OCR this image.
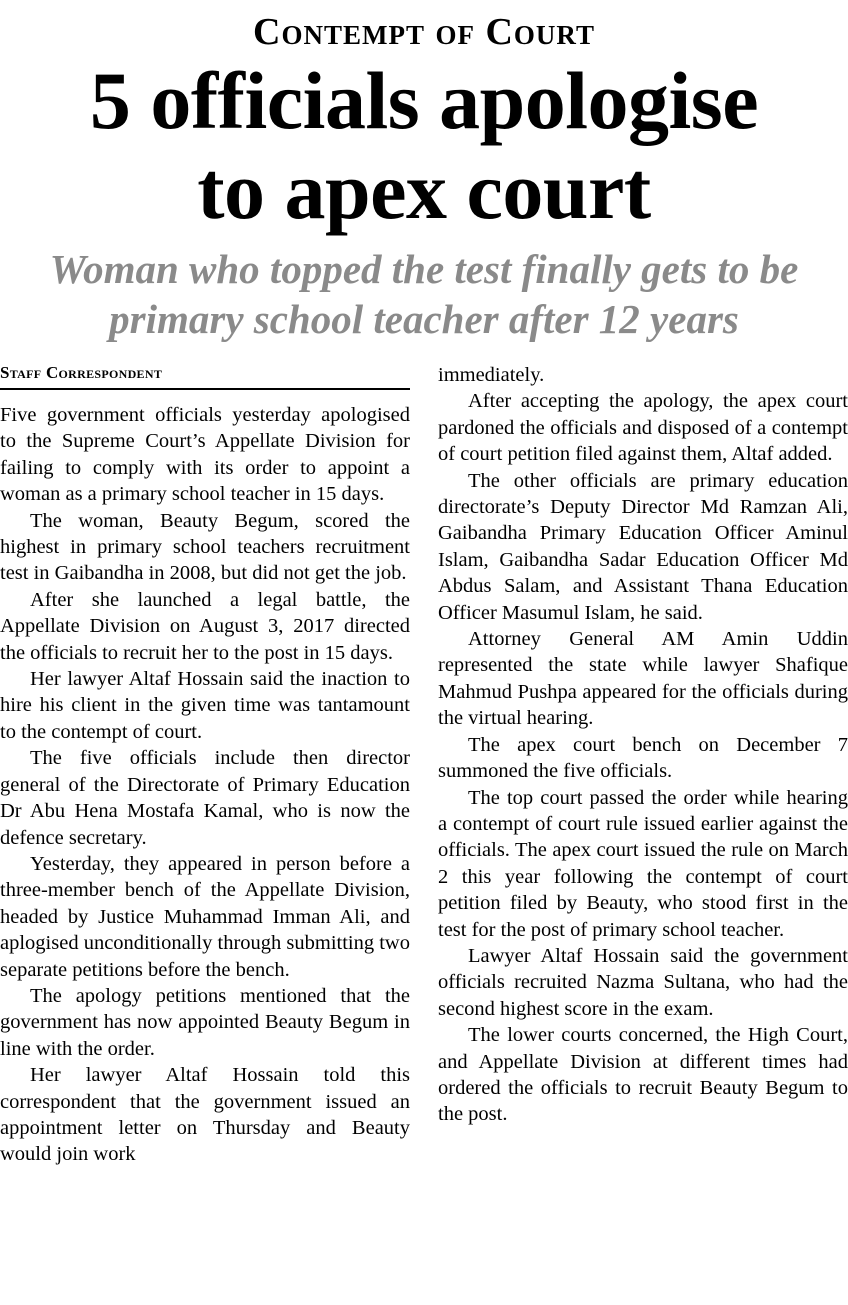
Contempt of Court
5 officials apologise
to apex court
Woman who topped the test finally gets to be
primary school teacher after 12 years
Staff Correspondent

Five government officials yesterday apologised to the Supreme Court’s Appellate Division for failing to comply with its order to appoint a woman as a primary school teacher in 15 days.

The woman, Beauty Begum, scored the highest in primary school teachers recruitment test in Gaibandha in 2008, but did not get the job.

After she launched a legal battle, the Appellate Division on August 3, 2017 directed the officials to recruit her to the post in 15 days.

Her lawyer Altaf Hossain said the inaction to hire his client in the given time was tantamount to the contempt of court.

The five officials include then director general of the Directorate of Primary Education Dr Abu Hena Mostafa Kamal, who is now the defence secretary.

Yesterday, they appeared in person before a three-member bench of the Appellate Division, headed by Justice Muhammad Imman Ali, and aplogised unconditionally through submitting two separate petitions before the bench.

The apology petitions mentioned that the government has now appointed Beauty Begum in line with the order.

Her lawyer Altaf Hossain told this correspondent that the government issued an appointment letter on Thursday and Beauty would join work

immediately.

After accepting the apology, the apex court pardoned the officials and disposed of a contempt of court petition filed against them, Altaf added.

The other officials are primary education directorate’s Deputy Director Md Ramzan Ali, Gaibandha Primary Education Officer Aminul Islam, Gaibandha Sadar Education Officer Md Abdus Salam, and Assistant Thana Education Officer Masumul Islam, he said.

Attorney General AM Amin Uddin represented the state while lawyer Shafique Mahmud Pushpa appeared for the officials during the virtual hearing.

The apex court bench on December 7 summoned the five officials.

The top court passed the order while hearing a contempt of court rule issued earlier against the officials. The apex court issued the rule on March 2 this year following the contempt of court petition filed by Beauty, who stood first in the test for the post of primary school teacher.

Lawyer Altaf Hossain said the government officials recruited Nazma Sultana, who had the second highest score in the exam.

The lower courts concerned, the High Court, and Appellate Division at different times had ordered the officials to recruit Beauty Begum to the post.
